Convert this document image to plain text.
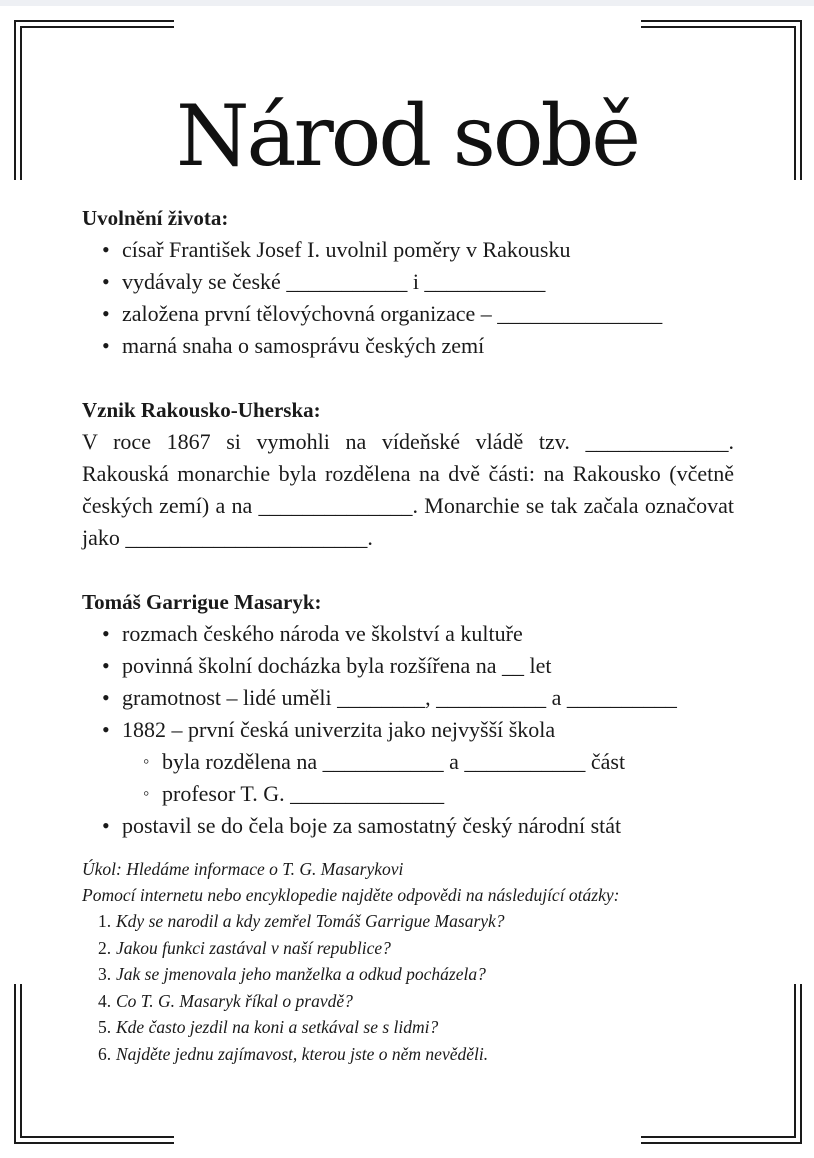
Národ sobě
Uvolnění života:
• císař František Josef I. uvolnil poměry v Rakousku
• vydávaly se české ___________ i ___________
• založena první tělovýchovná organizace – _______________
• marná snaha o samosprávu českých zemí
Vznik Rakousko-Uherska:

V roce 1867 si vymohli na vídeňské vládě tzv. _____________. Rakouská monarchie byla rozdělena na dvě části: na Rakousko (včetně českých zemí) a na ______________. Monarchie se tak začala označovat jako ______________________.

Tomáš Garrigue Masaryk:
• rozmach českého národa ve školství a kultuře
• povinná školní docházka byla rozšířena na __ let
• gramotnost – lidé uměli ________, __________ a __________
• 1882 – první česká univerzita jako nejvyšší škola
◦ byla rozdělena na ___________ a ___________ část
◦ profesor T. G. ______________
• postavil se do čela boje za samostatný český národní stát
Úkol: Hledáme informace o T. G. Masarykovi
Pomocí internetu nebo encyklopedie najděte odpovědi na následující otázky:
1. Kdy se narodil a kdy zemřel Tomáš Garrigue Masaryk?
2. Jakou funkci zastával v naší republice?
3. Jak se jmenovala jeho manželka a odkud pocházela?
4. Co T. G. Masaryk říkal o pravdě?
5. Kde často jezdil na koni a setkával se s lidmi?
6. Najděte jednu zajímavost, kterou jste o něm nevěděli.
